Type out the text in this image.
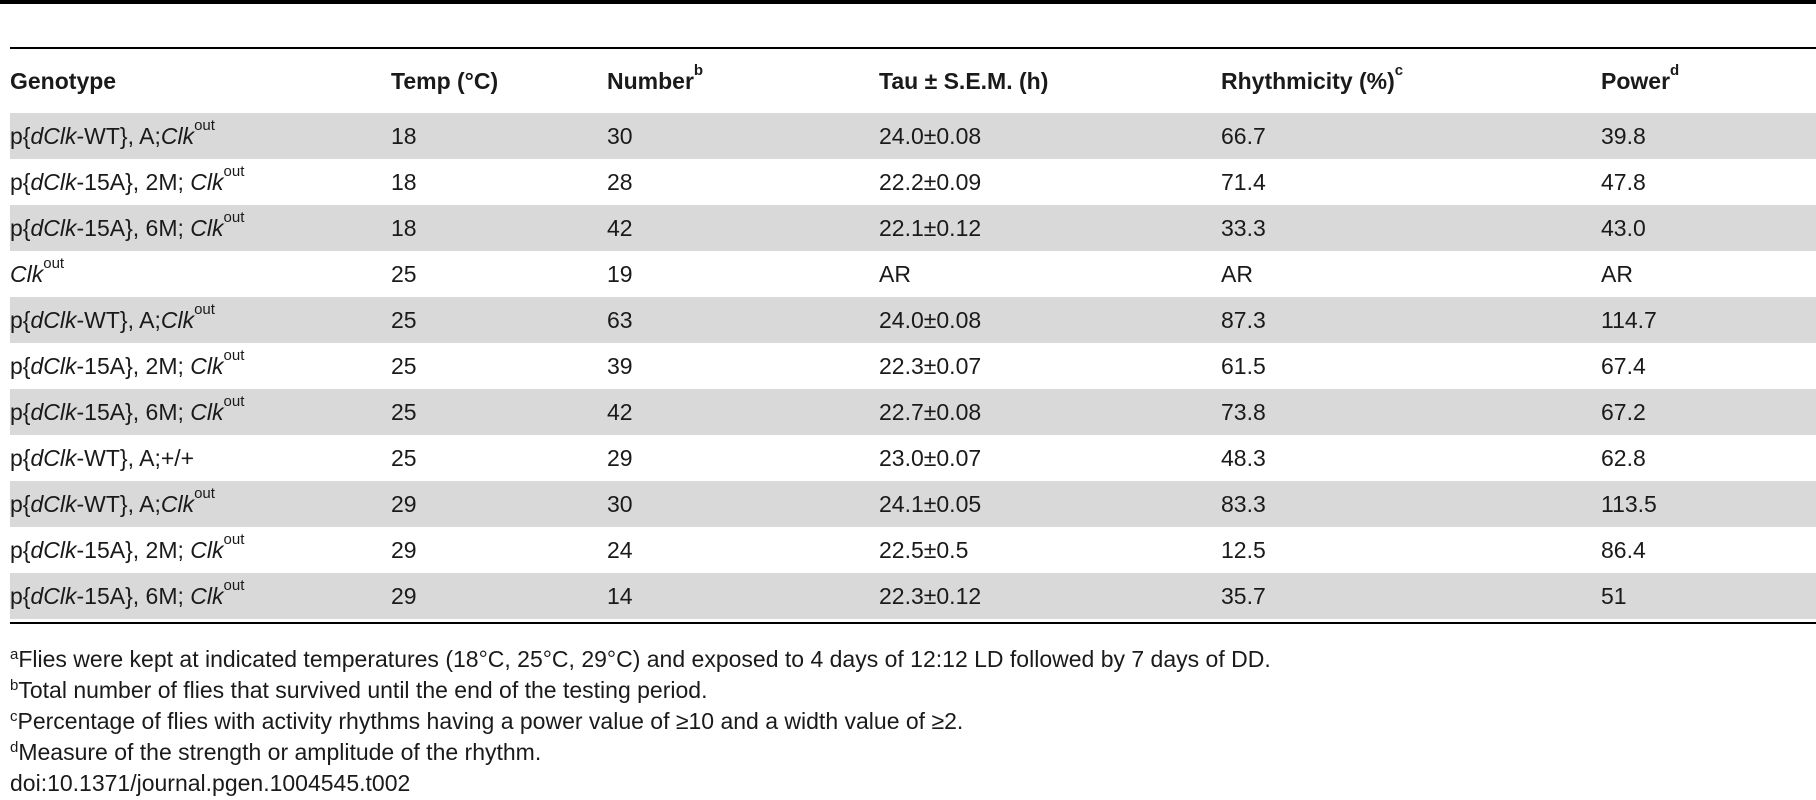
Genotype	Temp (°C)	Number$^b$	Tau ± S.E.M. (h)	Rhythmicity (%)$^c$	Power$^d$
p{dClk-WT}, A;Clk$^{out}$	18	30	24.0±0.08	66.7	39.8
p{dClk-15A}, 2M; Clk$^{out}$	18	28	22.2±0.09	71.4	47.8
p{dClk-15A}, 6M; Clk$^{out}$	18	42	22.1±0.12	33.3	43.0
Clk$^{out}$	25	19	AR	AR	AR
p{dClk-WT}, A;Clk$^{out}$	25	63	24.0±0.08	87.3	114.7
p{dClk-15A}, 2M; Clk$^{out}$	25	39	22.3±0.07	61.5	67.4
p{dClk-15A}, 6M; Clk$^{out}$	25	42	22.7±0.08	73.8	67.2
p{dClk-WT}, A;+/+	25	29	23.0±0.07	48.3	62.8
p{dClk-WT}, A;Clk$^{out}$	29	30	24.1±0.05	83.3	113.5
p{dClk-15A}, 2M; Clk$^{out}$	29	24	22.5±0.5	12.5	86.4
p{dClk-15A}, 6M; Clk$^{out}$	29	14	22.3±0.12	35.7	51
$^a$Flies were kept at indicated temperatures (18°C, 25°C, 29°C) and exposed to 4 days of 12:12 LD followed by 7 days of DD.
$^b$Total number of flies that survived until the end of the testing period.
$^c$Percentage of flies with activity rhythms having a power value of ≥10 and a width value of ≥2.
$^d$Measure of the strength or amplitude of the rhythm.
doi:10.1371/journal.pgen.1004545.t002
